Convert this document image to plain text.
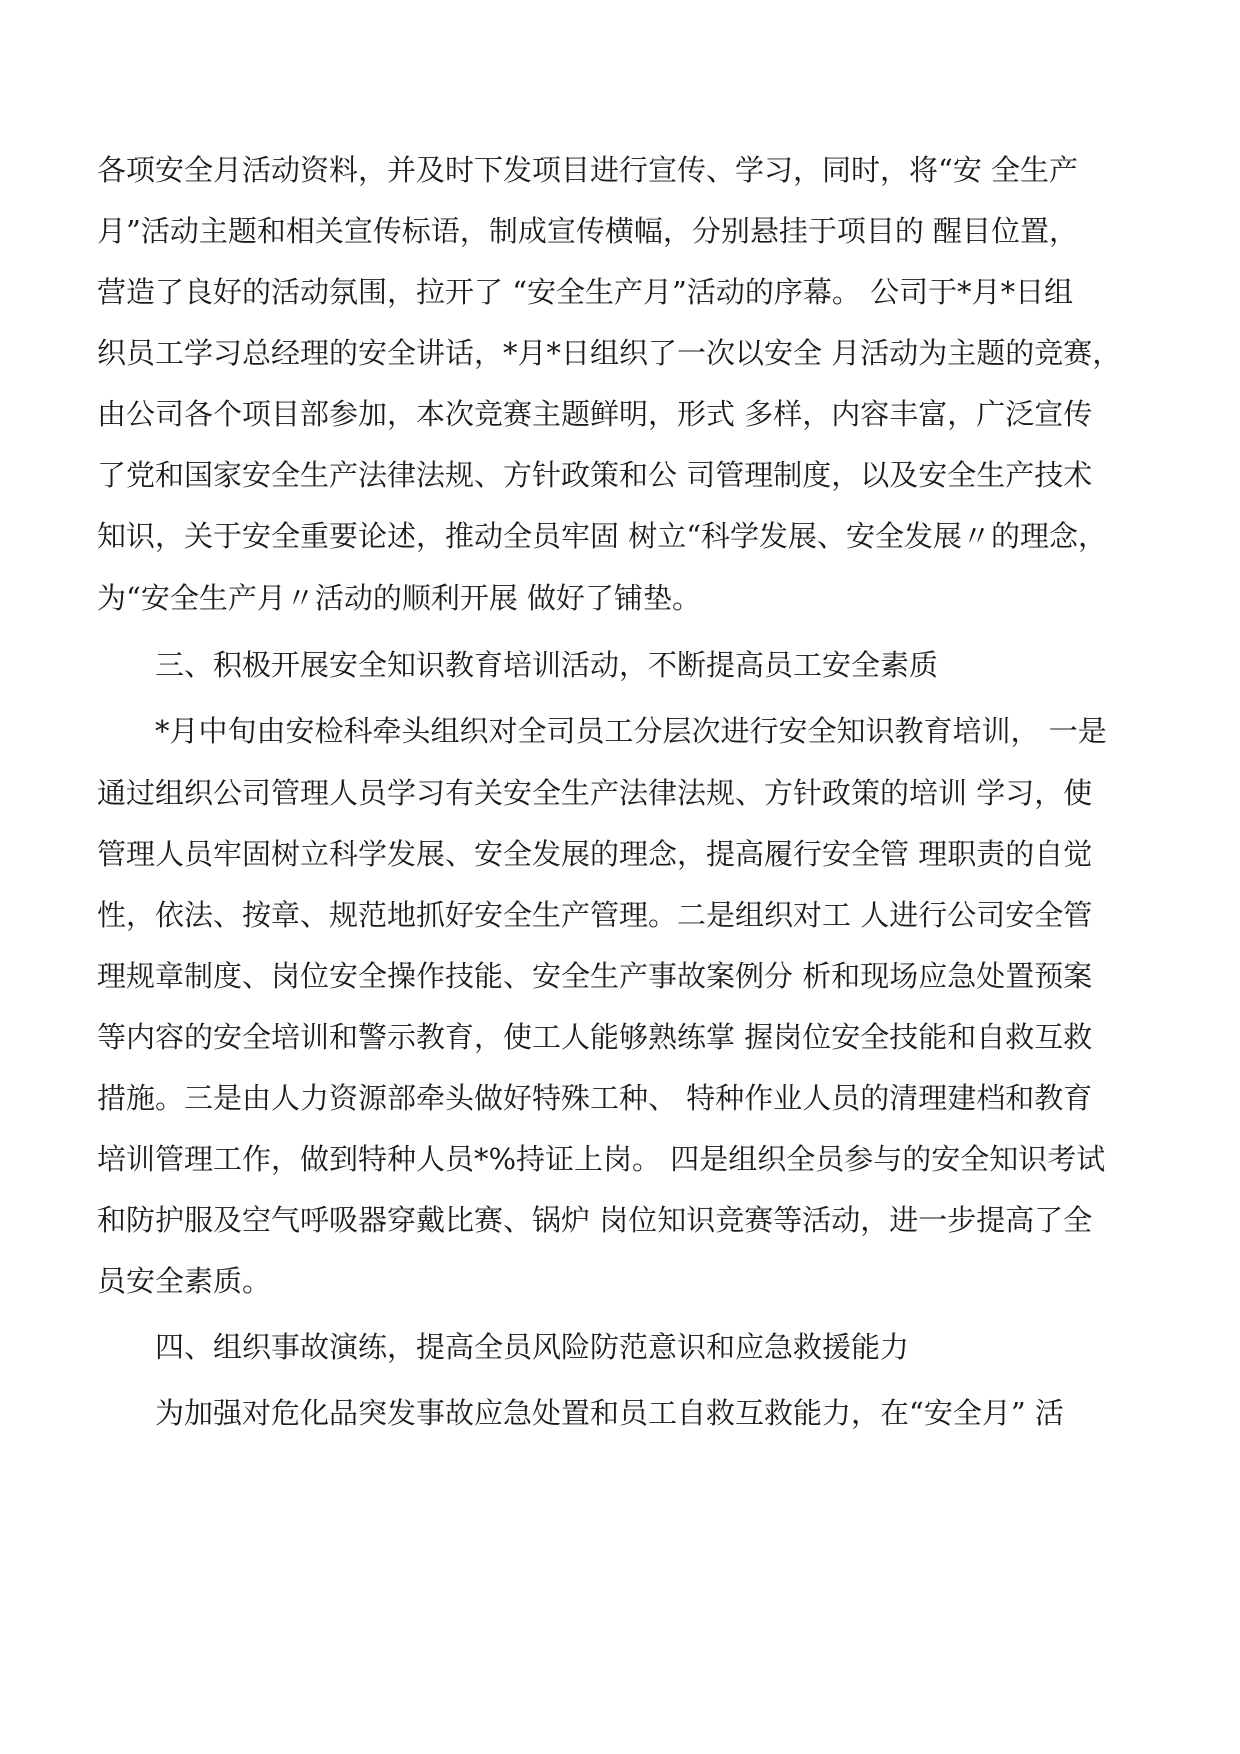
各项安全月活动资料，并及时下发项目进行宣传、学习，同时，将“安 全生产
月”活动主题和相关宣传标语，制成宣传横幅，分别悬挂于项目的 醒目位置，
营造了良好的活动氛围，拉开了 “安全生产月”活动的序幕。 公司于*月*日组
织员工学习总经理的安全讲话，*月*日组织了一次以安全 月活动为主题的竞赛，
由公司各个项目部参加，本次竞赛主题鲜明，形式 多样，内容丰富，广泛宣传
了党和国家安全生产法律法规、方针政策和公 司管理制度，以及安全生产技术
知识，关于安全重要论述，推动全员牢固 树立“科学发展、安全发展〃的理念，
为“安全生产月〃活动的顺利开展 做好了铺垫。
三、积极开展安全知识教育培训活动，不断提高员工安全素质
*月中旬由安检科牵头组织对全司员工分层次进行安全知识教育培训， 一是
通过组织公司管理人员学习有关安全生产法律法规、方针政策的培训 学习，使
管理人员牢固树立科学发展、安全发展的理念，提高履行安全管 理职责的自觉
性，依法、按章、规范地抓好安全生产管理。二是组织对工 人进行公司安全管
理规章制度、岗位安全操作技能、安全生产事故案例分 析和现场应急处置预案
等内容的安全培训和警示教育，使工人能够熟练掌 握岗位安全技能和自救互救
措施。三是由人力资源部牵头做好特殊工种、 特种作业人员的清理建档和教育
培训管理工作，做到特种人员*%持证上岗。 四是组织全员参与的安全知识考试
和防护服及空气呼吸器穿戴比赛、锅炉 岗位知识竞赛等活动，进一步提高了全
员安全素质。
四、组织事故演练，提高全员风险防范意识和应急救援能力
为加强对危化品突发事故应急处置和员工自救互救能力，在“安全月” 活
